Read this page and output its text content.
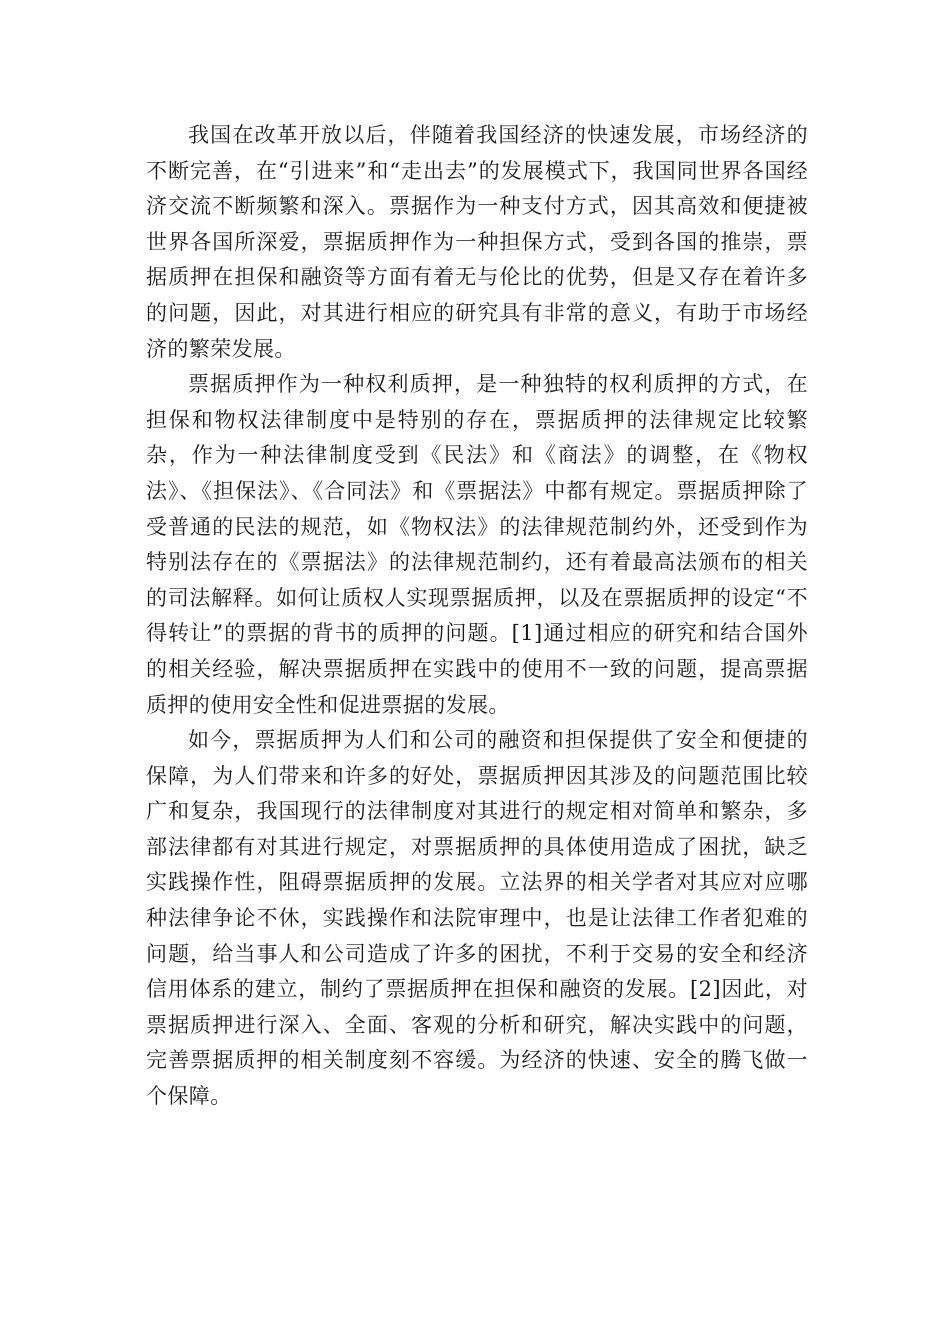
我国在改革开放以后，伴随着我国经济的快速发展，市场经济的不断完善，在“引进来”和“走出去”的发展模式下，我国同世界各国经济交流不断频繁和深入。票据作为一种支付方式，因其高效和便捷被世界各国所深爱，票据质押作为一种担保方式，受到各国的推崇，票据质押在担保和融资等方面有着无与伦比的优势，但是又存在着许多的问题，因此，对其进行相应的研究具有非常的意义，有助于市场经济的繁荣发展。

票据质押作为一种权利质押，是一种独特的权利质押的方式，在担保和物权法律制度中是特别的存在，票据质押的法律规定比较繁杂，作为一种法律制度受到《民法》和《商法》的调整，在《物权法》、《担保法》、《合同法》和《票据法》中都有规定。票据质押除了受普通的民法的规范，如《物权法》的法律规范制约外，还受到作为特别法存在的《票据法》的法律规范制约，还有着最高法颁布的相关的司法解释。如何让质权人实现票据质押，以及在票据质押的设定“不得转让”的票据的背书的质押的问题。[1]通过相应的研究和结合国外的相关经验，解决票据质押在实践中的使用不一致的问题，提高票据质押的使用安全性和促进票据的发展。

如今，票据质押为人们和公司的融资和担保提供了安全和便捷的保障，为人们带来和许多的好处，票据质押因其涉及的问题范围比较广和复杂，我国现行的法律制度对其进行的规定相对简单和繁杂，多部法律都有对其进行规定，对票据质押的具体使用造成了困扰，缺乏实践操作性，阻碍票据质押的发展。立法界的相关学者对其应对应哪种法律争论不休，实践操作和法院审理中，也是让法律工作者犯难的问题，给当事人和公司造成了许多的困扰，不利于交易的安全和经济信用体系的建立，制约了票据质押在担保和融资的发展。[2]因此，对票据质押进行深入、全面、客观的分析和研究，解决实践中的问题，完善票据质押的相关制度刻不容缓。为经济的快速、安全的腾飞做一个保障。
